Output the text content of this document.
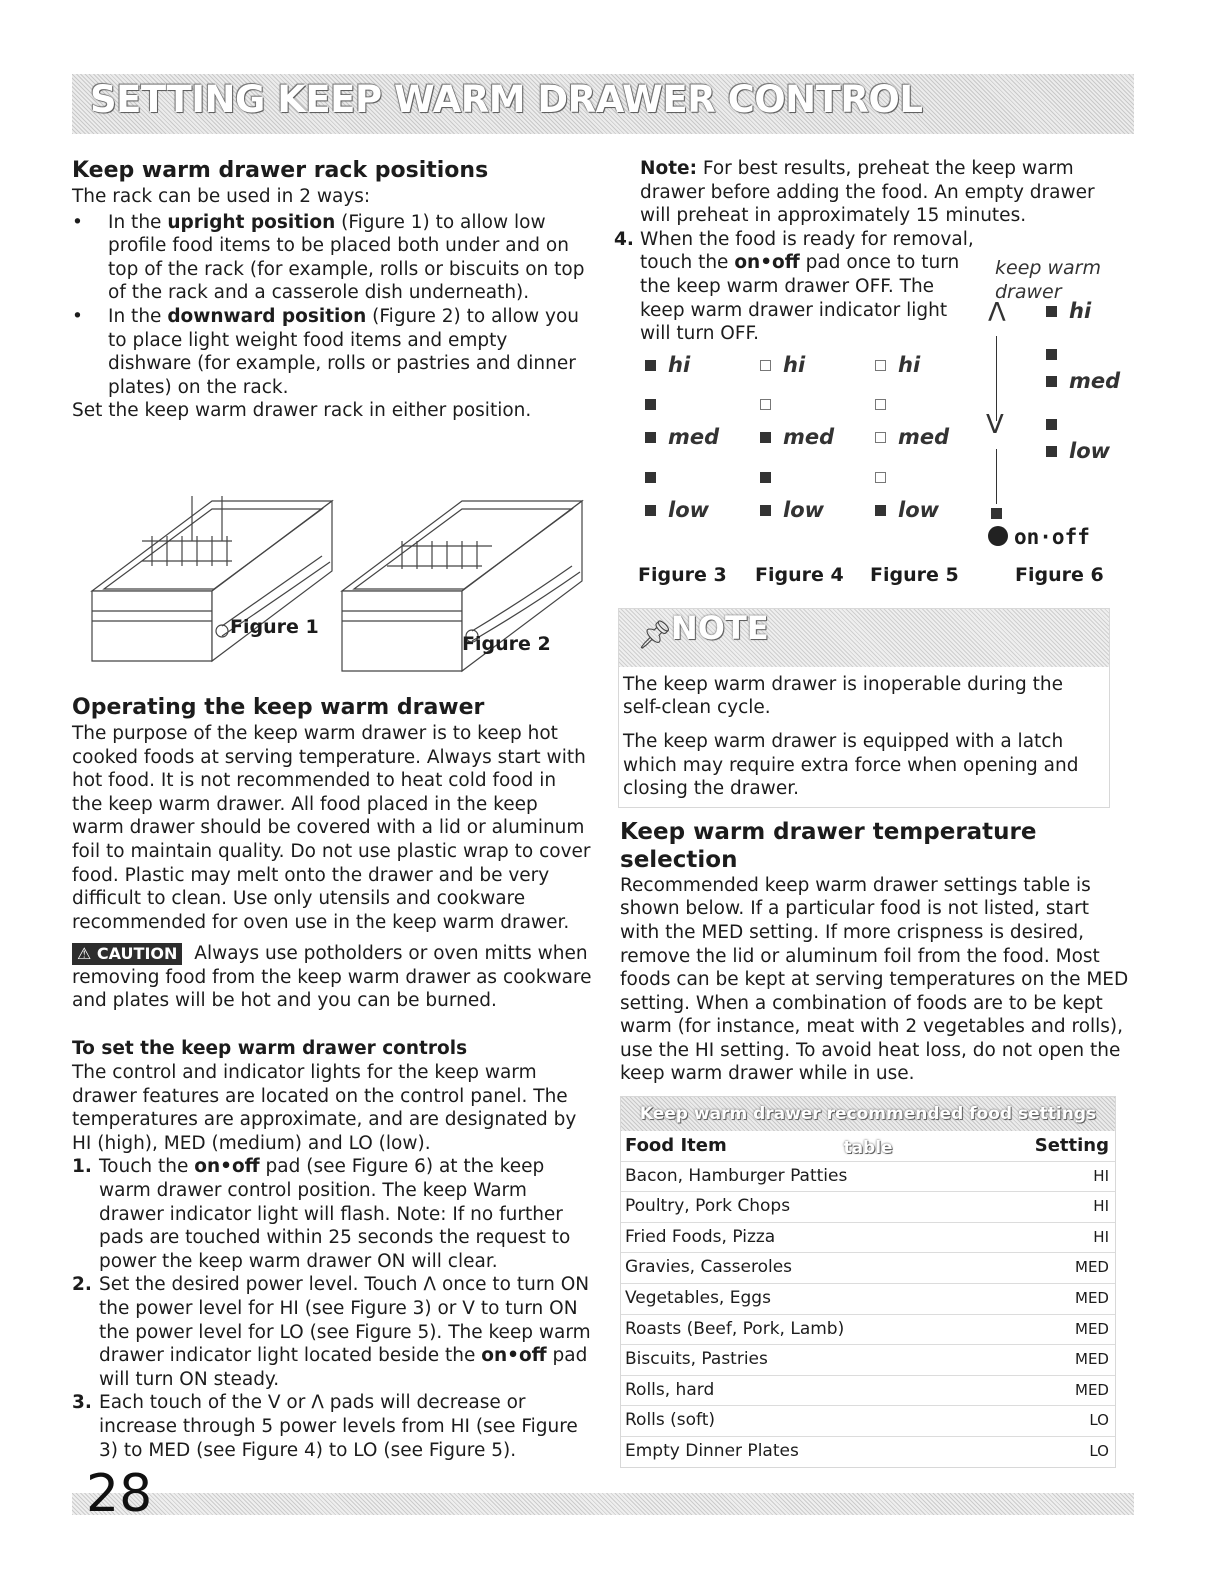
SETTING KEEP WARM DRAWER CONTROL
Keep warm drawer rack positions

The rack can be used in 2 ways:

• In the upright position (Figure 1) to allow low profile food items to be placed both under and on top of the rack (for example, rolls or biscuits on top of the rack and a casserole dish underneath).
• In the downward position (Figure 2) to allow you to place light weight food items and empty dishware (for example, rolls or pastries and dinner plates) on the rack.

Set the keep warm drawer rack in either position.

Figure 1
Figure 2
Operating the keep warm drawer

The purpose of the keep warm drawer is to keep hot cooked foods at serving temperature. Always start with hot food. It is not recommended to heat cold food in the keep warm drawer. All food placed in the keep warm drawer should be covered with a lid or aluminum foil to maintain quality. Do not use plastic wrap to cover food. Plastic may melt onto the drawer and be very difficult to clean. Use only utensils and cookware recommended for oven use in the keep warm drawer.

⚠ CAUTION Always use potholders or oven mitts when removing food from the keep warm drawer as cookware and plates will be hot and you can be burned.

To set the keep warm drawer controls

The control and indicator lights for the keep warm drawer features are located on the control panel. The temperatures are approximate, and are designated by HI (high), MED (medium) and LO (low).

1. Touch the on•off pad (see Figure 6) at the keep warm drawer control position. The keep Warm drawer indicator light will flash. Note: If no further pads are touched within 25 seconds the request to power the keep warm drawer ON will clear.
2. Set the desired power level. Touch Λ once to turn ON the power level for HI (see Figure 3) or V to turn ON the power level for LO (see Figure 5). The keep warm drawer indicator light located beside the on•off pad will turn ON steady.
3. Each touch of the V or Λ pads will decrease or increase through 5 power levels from HI (see Figure 3) to MED (see Figure 4) to LO (see Figure 5).

Note: For best results, preheat the keep warm drawer before adding the food. An empty drawer will preheat in approximately 15 minutes.

4. When the food is ready for removal, touch the on•off pad once to turn the keep warm drawer OFF. The keep warm drawer indicator light will turn OFF.
hi
med
low
hi
med
low
hi
med
low
keep warm
drawer
Λ
V
hi
med
low
on·off
Figure 3 Figure 4 Figure 5	Figure 6
📌︎
NOTE

The keep warm drawer is inoperable during the self-clean cycle.

The keep warm drawer is equipped with a latch which may require extra force when opening and closing the drawer.

Keep warm drawer temperature selection

Recommended keep warm drawer settings table is shown below. If a particular food is not listed, start with the MED setting. If more crispness is desired, remove the lid or aluminum foil from the food. Most foods can be kept at serving temperatures on the MED setting. When a combination of foods are to be kept warm (for instance, meat with 2 vegetables and rolls), use the HI setting. To avoid heat loss, do not open the keep warm drawer while in use.

Keep warm drawer recommended food settings table
Food Item	Setting
Bacon, Hamburger Patties	HI
Poultry, Pork Chops	HI
Fried Foods, Pizza	HI
Gravies, Casseroles	MED
Vegetables, Eggs	MED
Roasts (Beef, Pork, Lamb)	MED
Biscuits, Pastries	MED
Rolls, hard	MED
Rolls (soft)	LO
Empty Dinner Plates	LO
28
